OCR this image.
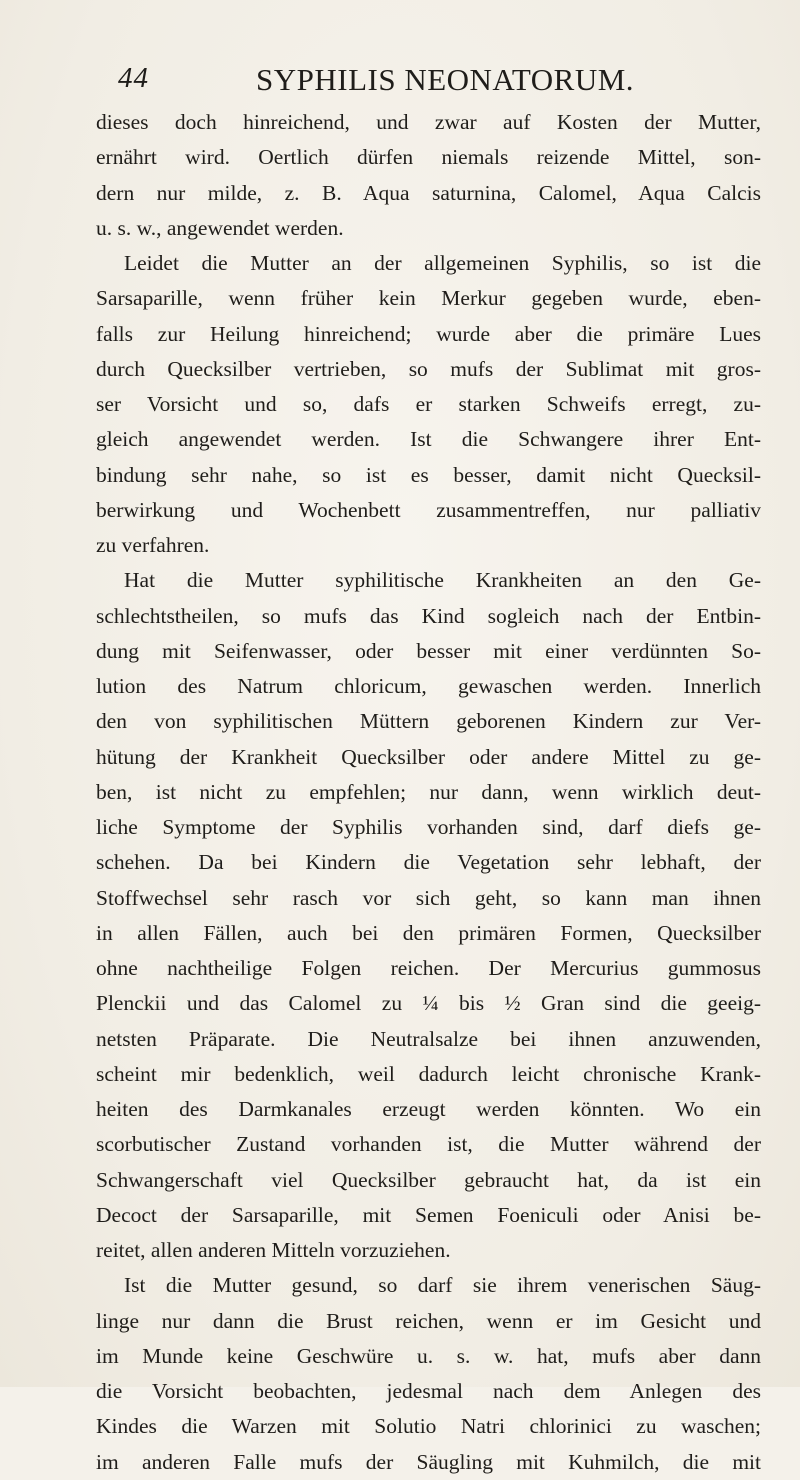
44	SYPHILIS NEONATORUM.
dieses doch hinreichend, und zwar auf Kosten der Mutter,
ernährt wird. Oertlich dürfen niemals reizende Mittel, son-
dern nur milde, z. B. Aqua saturnina, Calomel, Aqua Calcis
u. s. w., angewendet werden.
Leidet die Mutter an der allgemeinen Syphilis, so ist die
Sarsaparille, wenn früher kein Merkur gegeben wurde, eben-
falls zur Heilung hinreichend; wurde aber die primäre Lues
durch Quecksilber vertrieben, so mufs der Sublimat mit gros-
ser Vorsicht und so, dafs er starken Schweifs erregt, zu-
gleich angewendet werden. Ist die Schwangere ihrer Ent-
bindung sehr nahe, so ist es besser, damit nicht Quecksil-
berwirkung und Wochenbett zusammentreffen, nur palliativ
zu verfahren.
Hat die Mutter syphilitische Krankheiten an den Ge-
schlechtstheilen, so mufs das Kind sogleich nach der Entbin-
dung mit Seifenwasser, oder besser mit einer verdünnten So-
lution des Natrum chloricum, gewaschen werden. Innerlich
den von syphilitischen Müttern geborenen Kindern zur Ver-
hütung der Krankheit Quecksilber oder andere Mittel zu ge-
ben, ist nicht zu empfehlen; nur dann, wenn wirklich deut-
liche Symptome der Syphilis vorhanden sind, darf diefs ge-
schehen. Da bei Kindern die Vegetation sehr lebhaft, der
Stoffwechsel sehr rasch vor sich geht, so kann man ihnen
in allen Fällen, auch bei den primären Formen, Quecksilber
ohne nachtheilige Folgen reichen. Der Mercurius gummosus
Plenckii und das Calomel zu ¼ bis ½ Gran sind die geeig-
netsten Präparate. Die Neutralsalze bei ihnen anzuwenden,
scheint mir bedenklich, weil dadurch leicht chronische Krank-
heiten des Darmkanales erzeugt werden könnten. Wo ein
scorbutischer Zustand vorhanden ist, die Mutter während der
Schwangerschaft viel Quecksilber gebraucht hat, da ist ein
Decoct der Sarsaparille, mit Semen Foeniculi oder Anisi be-
reitet, allen anderen Mitteln vorzuziehen.
Ist die Mutter gesund, so darf sie ihrem venerischen Säug-
linge nur dann die Brust reichen, wenn er im Gesicht und
im Munde keine Geschwüre u. s. w. hat, mufs aber dann
die Vorsicht beobachten, jedesmal nach dem Anlegen des
Kindes die Warzen mit Solutio Natri chlorinici zu waschen;
im anderen Falle mufs der Säugling mit Kuhmilch, die mit
